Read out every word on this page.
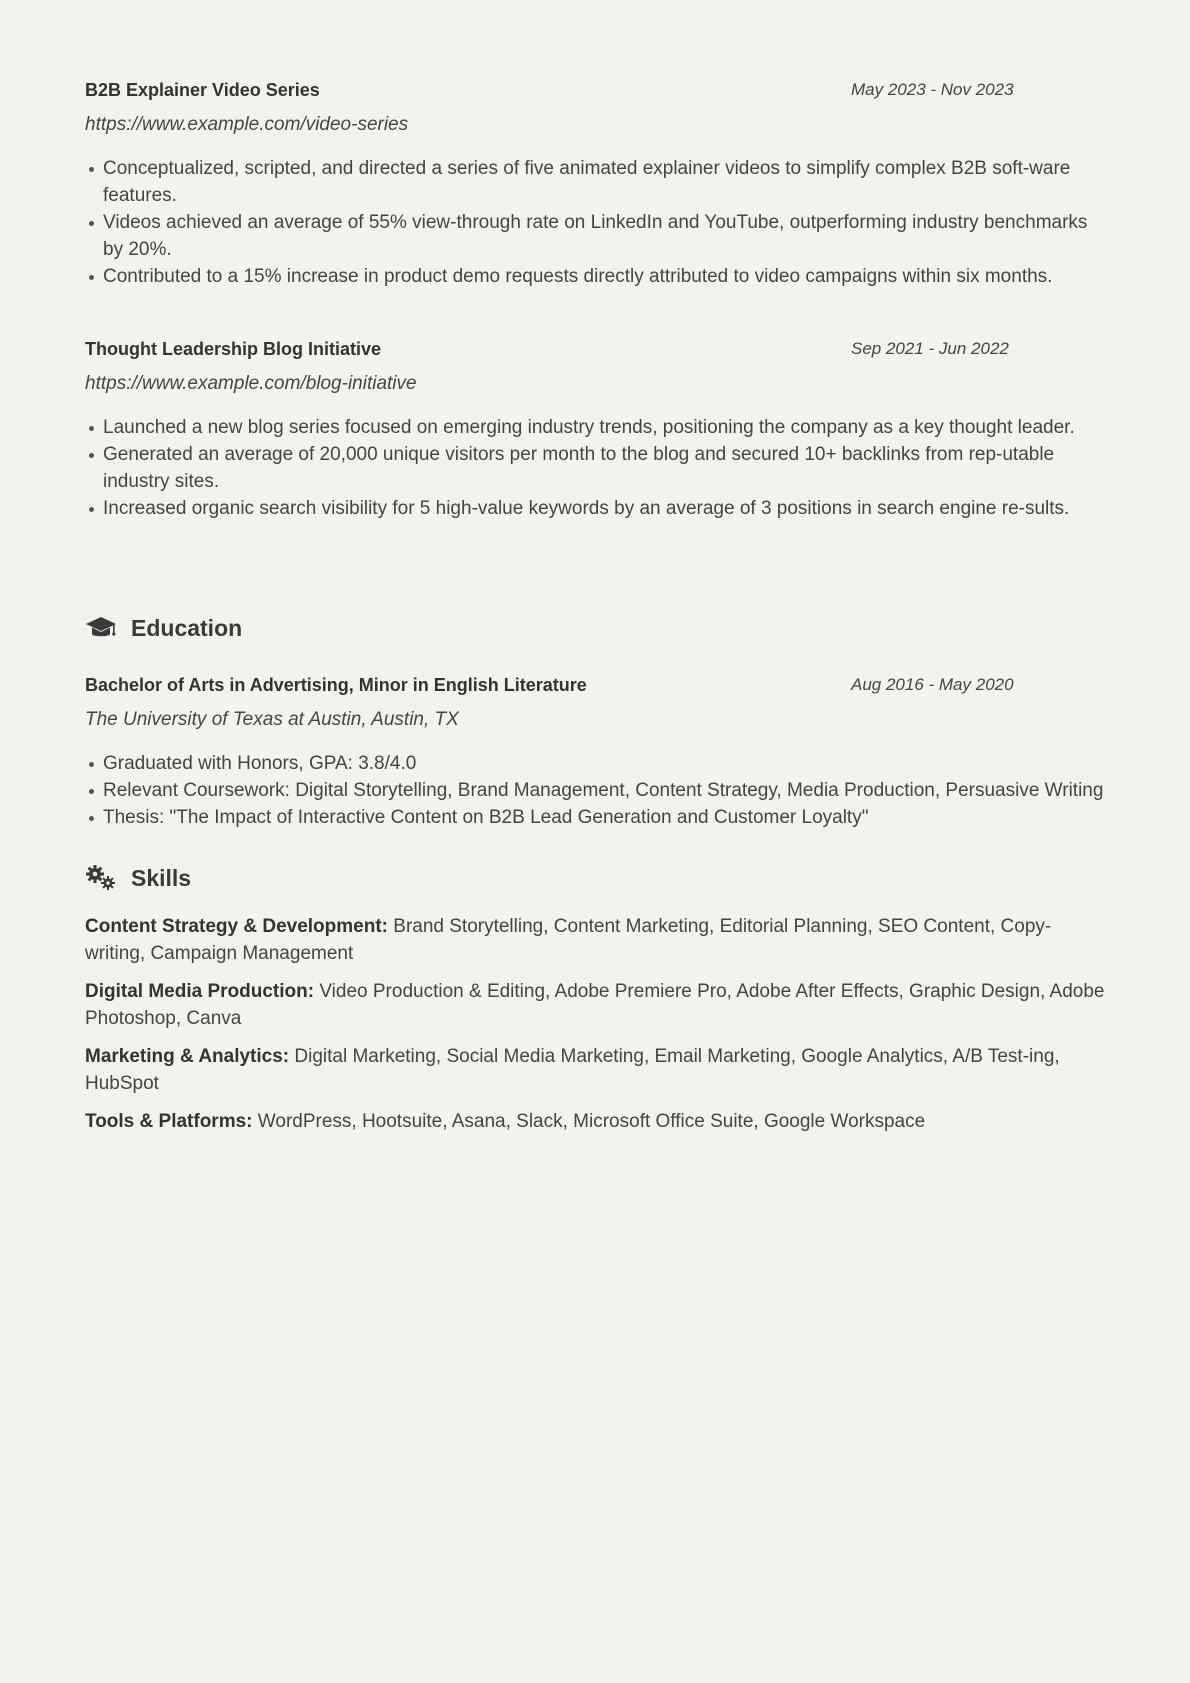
B2B Explainer Video Series	May 2023 - Nov 2023
https://www.example.com/video-series
Conceptualized, scripted, and directed a series of five animated explainer videos to simplify complex B2B soft-ware features.
Videos achieved an average of 55% view-through rate on LinkedIn and YouTube, outperforming industry benchmarks by 20%.
Contributed to a 15% increase in product demo requests directly attributed to video campaigns within six months.
Thought Leadership Blog Initiative	Sep 2021 - Jun 2022
https://www.example.com/blog-initiative
Launched a new blog series focused on emerging industry trends, positioning the company as a key thought leader.
Generated an average of 20,000 unique visitors per month to the blog and secured 10+ backlinks from rep-utable industry sites.
Increased organic search visibility for 5 high-value keywords by an average of 3 positions in search engine re-sults.
Education
Bachelor of Arts in Advertising, Minor in English Literature	Aug 2016 - May 2020
The University of Texas at Austin, Austin, TX
Graduated with Honors, GPA: 3.8/4.0
Relevant Coursework: Digital Storytelling, Brand Management, Content Strategy, Media Production, Persuasive Writing
Thesis: "The Impact of Interactive Content on B2B Lead Generation and Customer Loyalty"
Skills

Content Strategy & Development: Brand Storytelling, Content Marketing, Editorial Planning, SEO Content, Copy-writing, Campaign Management

Digital Media Production: Video Production & Editing, Adobe Premiere Pro, Adobe After Effects, Graphic Design, Adobe Photoshop, Canva

Marketing & Analytics: Digital Marketing, Social Media Marketing, Email Marketing, Google Analytics, A/B Test-ing, HubSpot

Tools & Platforms: WordPress, Hootsuite, Asana, Slack, Microsoft Office Suite, Google Workspace
